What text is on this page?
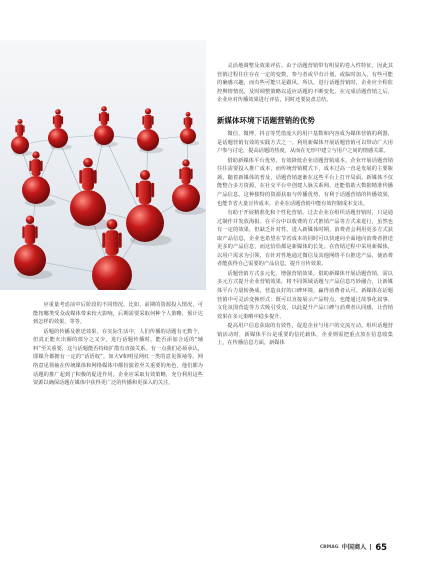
应重量考虑前中后阶段的不同情况。比如，前期的资源投入情况，可能按哪类受众或媒体带来较大影响，后期需要采取何种个人策略，预计达到怎样的效果，等等。

话题的传播及推送效果。在实际生活中，人们传播的话题有无数个，但真正能火出圈的部分之又少。进行话题传播时，能否添加合适的“辅料”至关重要，这与话题能否持续扩散有直接关系。有一点我们必须承认，即媒介都拥有一定的“话语权”。如大V和明星网红一类的意见领袖等。网络意见领袖在传统媒体和网络媒体中都扮演着至关重要的角色，他们都为话题的推广起到了积极的促进作用。企业应采取有效策略，充分利用这些资源以确保话题在媒体中获得更广泛的传播和更深入的关注。

灵活地调整及效果评估。由于话题营销带有明显的卷入性特征，因此其营销过程往往存在一定的变数，参与者或早有计划，或临时加入，有些可能的确感兴趣，而有些可能只是跟风。所以，进行话题营销时，企业应全程监控舆情情况，及时调整策略以适应话题的不断变化。在完成话题营销之后，企业应对传播效果进行评估，同时还要复盘总结。

新媒体环境下话题营销的优势

微信、微博、抖音等凭借庞大的用户基数和内容成为媒体营销的利器，是话题营销有效的实践方式之一。利用新媒体开展话题营销可以带动广大用户参与讨论，提高话题的热度，从而在无形中建立与用户之间的情感关联。

借助新媒体平台优势，有效降低企业话题营销成本。企业开展话题营销往往需要投入推广成本，而传统营销模式下，成本过高一直是发展的主要瓶颈。随着新媒体的普及，话题营销逐渐在这些平台上打开局面。新媒体不仅能整合多方资源，在社交平台中创建人脉关系网，还能借助大数据精准传播产品信息。这种独特的资源获取与传播优势，有利于话题营销的传播效果，也能节省大量宣传成本。企业在话题营销中能有效控制成本支出。

有助于开展精准化和个性化营销。过去企业在组织话题营销时，只是通过制作并发放海报、在平台中以收费的方式推销产品等方式来进行，虽然也有一定的效果，但缺乏针对性。进入新媒体时期，消费者会利用更多方式获取产品信息，企业也希望在节省成本的同时可以快速向全面地向消费者推送更多的产品信息，而这恰恰都是新媒体的长处。在营销过程中采用新媒体，以用户需求为引领，有针对性地通过微信及其他网络平台推送产品，使消费者能获得自己需要的产品信息，提升宣传效果。

话题营销方式多元化，增强营销效果。借助新媒体开展话题营销，需以多元方式提升企业营销效果。将不同领域话题与产品信息巧妙融合，让新媒体平台力量转换成，营造良好的口碑环境，赢得消费者认可。新媒体在话题营销中可灵活变换形式：既可以直接展示产品特点，也能通过故事化叙事、文化氛围营造等方式吸引受众，以此提升产品口碑与消费者认同感，让营销效果在多元策略中稳步提升。

提高用户信息获取的有效性，促进企业与用户的交流互动。组织话题营销活动时，新媒体平台是重要的信托载体，企业则需把重点放在信息收集上，在传播信息方面，新媒体

CBMAG 中国商人 65
